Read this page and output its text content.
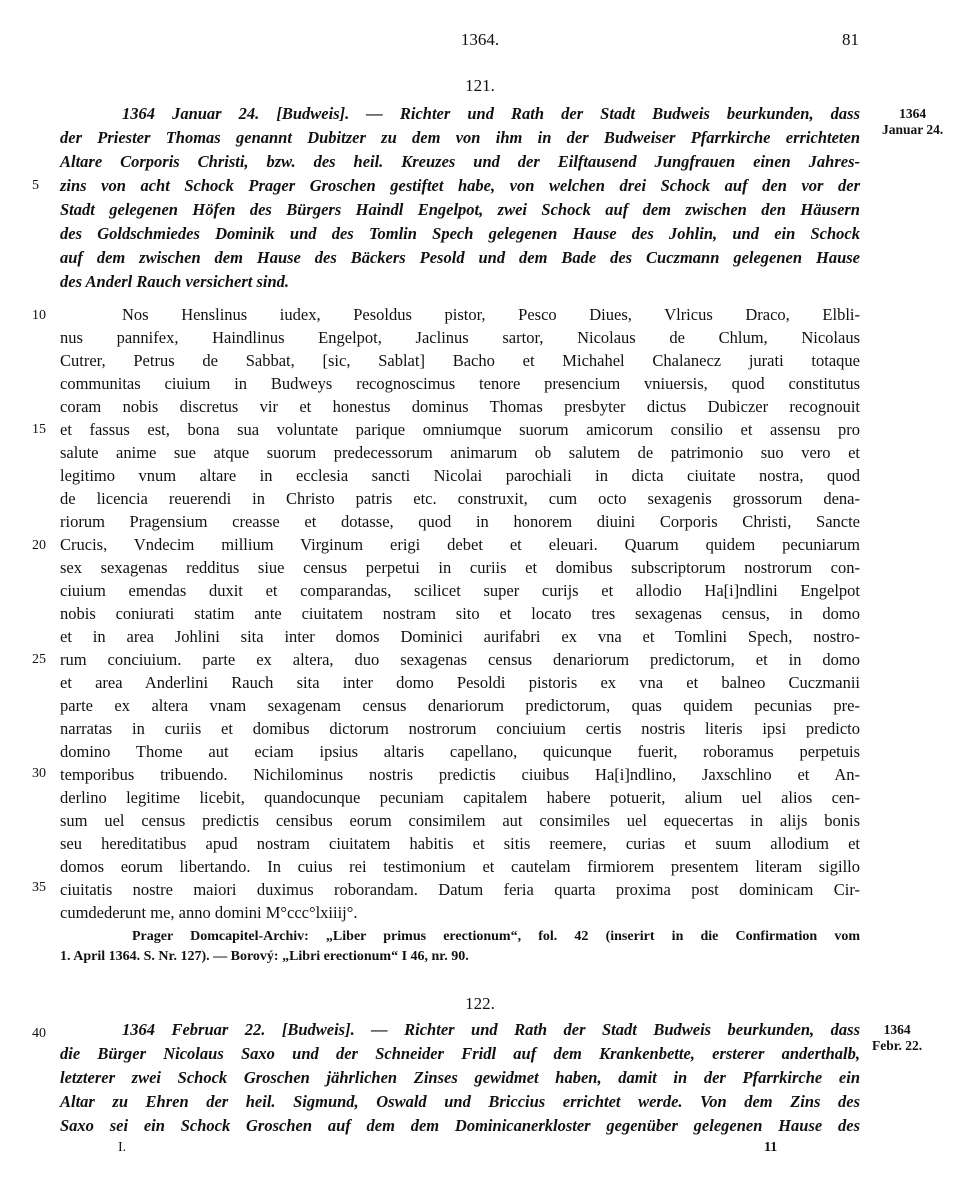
1364.	81
121.
1364
Januar 24.
1364 Januar 24. [Budweis]. — Richter und Rath der Stadt Budweis beurkunden, dass
der Priester Thomas genannt Dubitzer zu dem von ihm in der Budweiser Pfarrkirche errichteten
Altare Corporis Christi, bzw. des heil. Kreuzes und der Eilftausend Jungfrauen einen Jahres-
zins von acht Schock Prager Groschen gestiftet habe, von welchen drei Schock auf den vor der
Stadt gelegenen Höfen des Bürgers Haindl Engelpot, zwei Schock auf dem zwischen den Häusern
des Goldschmiedes Dominik und des Tomlin Spech gelegenen Hause des Johlin, und ein Schock
auf dem zwischen dem Hause des Bäckers Pesold und dem Bade des Cuczmann gelegenen Hause
des Anderl Rauch versichert sind.
5
10
15
20
25
30
35
40
Nos Henslinus iudex, Pesoldus pistor, Pesco Diues, Vlricus Draco, Elbli-
nus pannifex, Haindlinus Engelpot, Jaclinus sartor, Nicolaus de Chlum, Nicolaus
Cutrer, Petrus de Sabbat, [sic, Sablat] Bacho et Michahel Chalanecz jurati totaque
communitas ciuium in Budweys recognoscimus tenore presencium vniuersis, quod constitutus
coram nobis discretus vir et honestus dominus Thomas presbyter dictus Dubiczer recognouit
et fassus est, bona sua voluntate parique omniumque suorum amicorum consilio et assensu pro
salute anime sue atque suorum predecessorum animarum ob salutem de patrimonio suo vero et
legitimo vnum altare in ecclesia sancti Nicolai parochiali in dicta ciuitate nostra, quod
de licencia reuerendi in Christo patris etc. construxit, cum octo sexagenis grossorum dena-
riorum Pragensium creasse et dotasse, quod in honorem diuini Corporis Christi, Sancte
Crucis, Vndecim millium Virginum erigi debet et eleuari. Quarum quidem pecuniarum
sex sexagenas redditus siue census perpetui in curiis et domibus subscriptorum nostrorum con-
ciuium emendas duxit et comparandas, scilicet super curijs et allodio Ha[i]ndlini Engelpot
nobis coniurati statim ante ciuitatem nostram sito et locato tres sexagenas census, in domo
et in area Johlini sita inter domos Dominici aurifabri ex vna et Tomlini Spech, nostro-
rum conciuium. parte ex altera, duo sexagenas census denariorum predictorum, et in domo
et area Anderlini Rauch sita inter domo Pesoldi pistoris ex vna et balneo Cuczmanii
parte ex altera vnam sexagenam census denariorum predictorum, quas quidem pecunias pre-
narratas in curiis et domibus dictorum nostrorum conciuium certis nostris literis ipsi predicto
domino Thome aut eciam ipsius altaris capellano, quicunque fuerit, roboramus perpetuis
temporibus tribuendo. Nichilominus nostris predictis ciuibus Ha[i]ndlino, Jaxschlino et An-
derlino legitime licebit, quandocunque pecuniam capitalem habere potuerit, alium uel alios cen-
sum uel census predictis censibus eorum consimilem aut consimiles uel equecertas in alijs bonis
seu hereditatibus apud nostram ciuitatem habitis et sitis reemere, curias et suum allodium et
domos eorum libertando. In cuius rei testimonium et cautelam firmiorem presentem literam sigillo
ciuitatis nostre maiori duximus roborandam. Datum feria quarta proxima post dominicam Cir-
cumdederunt me, anno domini M°ccc°lxiiij°.
Prager Domcapitel-Archiv: „Liber primus erectionum“, fol. 42 (inserirt in die Confirmation vom
1. April 1364. S. Nr. 127). — Borový: „Libri erectionum“ I 46, nr. 90.
122.
1364
Febr. 22.
1364 Februar 22. [Budweis]. — Richter und Rath der Stadt Budweis beurkunden, dass
die Bürger Nicolaus Saxo und der Schneider Fridl auf dem Krankenbette, ersterer anderthalb,
letzterer zwei Schock Groschen jährlichen Zinses gewidmet haben, damit in der Pfarrkirche ein
Altar zu Ehren der heil. Sigmund, Oswald und Briccius errichtet werde. Von dem Zins des
Saxo sei ein Schock Groschen auf dem dem Dominicanerkloster gegenüber gelegenen Hause des
I.	11
